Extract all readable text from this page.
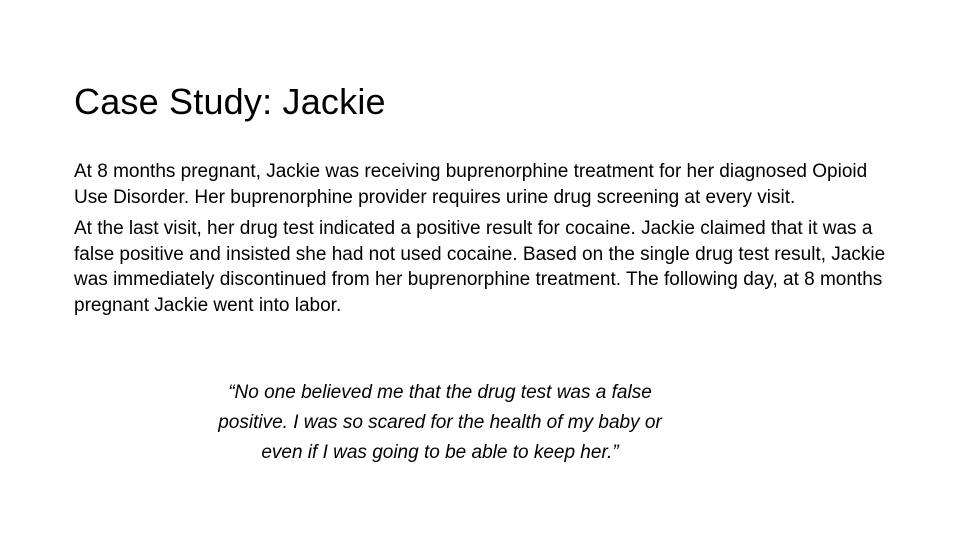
Case Study: Jackie

At 8 months pregnant, Jackie was receiving buprenorphine treatment for her diagnosed Opioid Use Disorder. Her buprenorphine provider requires urine drug screening at every visit.

At the last visit, her drug test indicated a positive result for cocaine. Jackie claimed that it was a false positive and insisted she had not used cocaine. Based on the single drug test result, Jackie was immediately discontinued from her buprenorphine treatment. The following day, at 8 months pregnant Jackie went into labor.

“No one believed me that the drug test was a false
positive. I was so scared for the health of my baby or
even if I was going to be able to keep her.”
